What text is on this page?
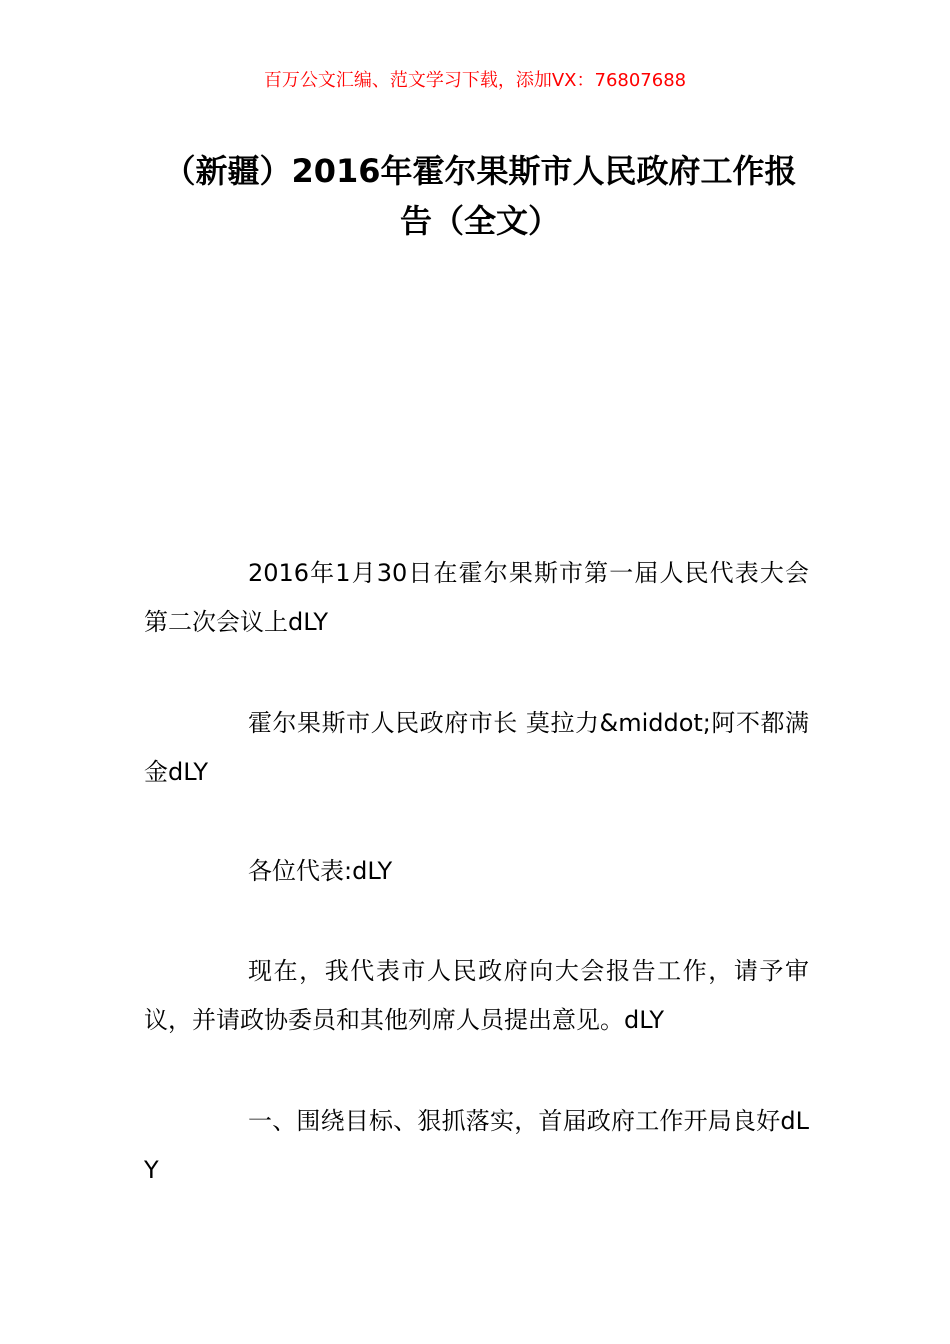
百万公文汇编、范文学习下载，添加VX：76807688
（新疆）2016年霍尔果斯市人民政府工作报告（全文）

2016年1月30日在霍尔果斯市第一届人民代表大会第二次会议上dLY

霍尔果斯市人民政府市长 莫拉力&middot;阿不都满金dLY

各位代表:dLY

现在，我代表市人民政府向大会报告工作，请予审议，并请政协委员和其他列席人员提出意见。dLY

一、围绕目标、狠抓落实，首届政府工作开局良好dLY
